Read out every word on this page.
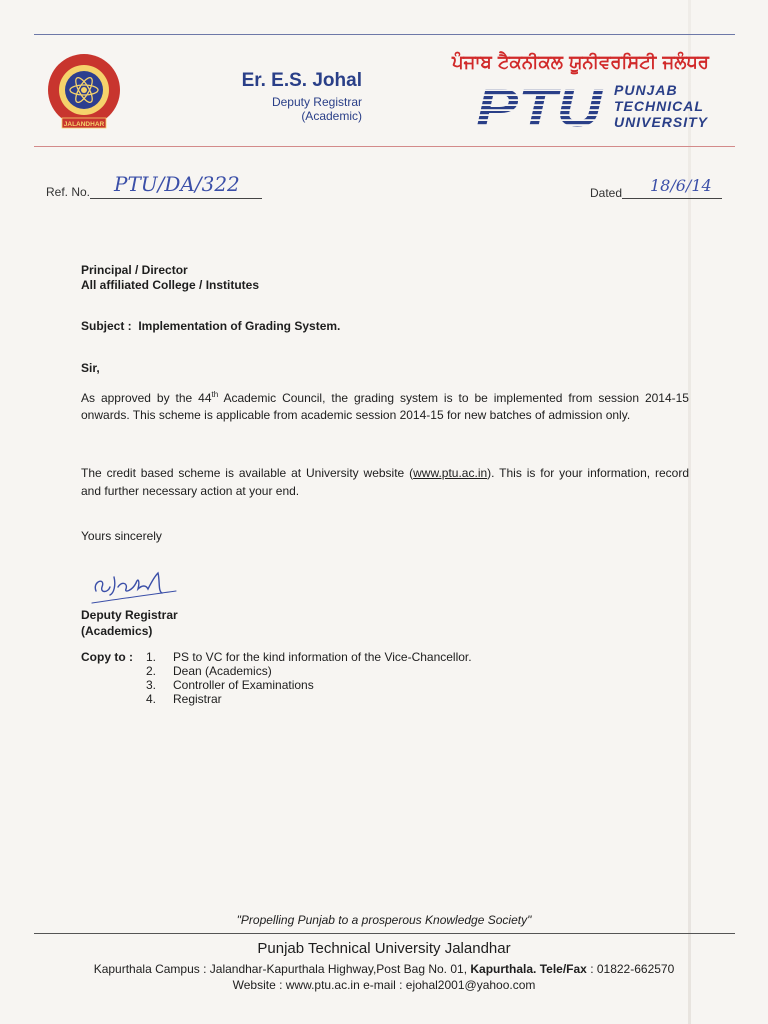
JALANDHAR
Er. E.S. Johal
Deputy Registrar
(Academic)
ਪੰਜਾਬ ਟੈਕਨੀਕਲ ਯੂਨੀਵਰਸਿਟੀ ਜਲੰਧਰ
PTU PUNJAB
TECHNICAL
UNIVERSITY
Ref. No. PTU/DA/322	Dated 18/6/14
Principal / Director
All affiliated College / Institutes
Subject : Implementation of Grading System.
Sir,
As approved by the 44th Academic Council, the grading system is to be implemented from session 2014-15 onwards. This scheme is applicable from academic session 2014-15 for new batches of admission only.
The credit based scheme is available at University website (www.ptu.ac.in). This is for your information, record and further necessary action at your end.
Yours sincerely
Deputy Registrar
(Academics)
Copy to : 1.	PS to VC for the kind information of the Vice-Chancellor.
2.	Dean (Academics)
3.	Controller of Examinations
4.	Registrar
"Propelling Punjab to a prosperous Knowledge Society"
Punjab Technical University Jalandhar
Kapurthala Campus : Jalandhar-Kapurthala Highway,Post Bag No. 01, Kapurthala. Tele/Fax : 01822-662570
Website : www.ptu.ac.in e-mail : ejohal2001@yahoo.com
